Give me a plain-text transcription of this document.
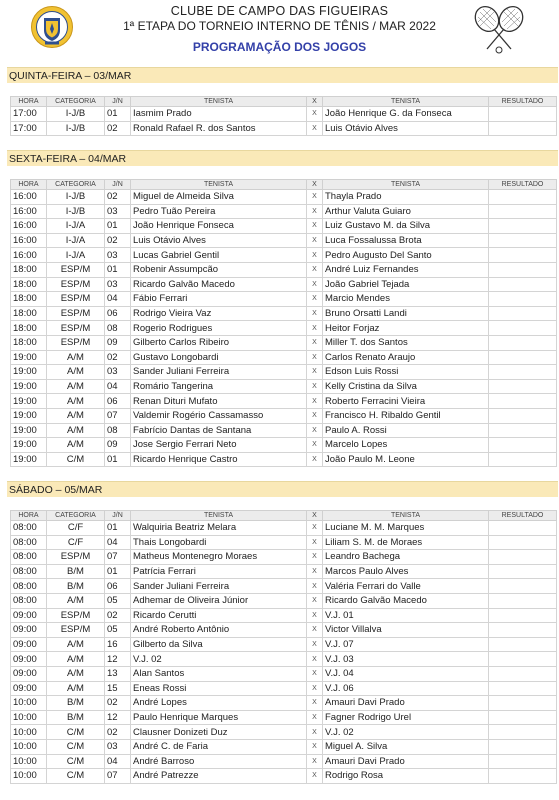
CLUBE DE CAMPO DAS FIGUEIRAS
1ª ETAPA DO TORNEIO INTERNO DE TÊNIS / MAR 2022
PROGRAMAÇÃO DOS JOGOS
QUINTA-FEIRA – 03/MAR
HORA	CATEGORIA	J/N	TENISTA	X	TENISTA	RESULTADO
17:00	I-J/B	01	Iasmim Prado	X	João Henrique G. da Fonseca	
17:00	I-J/B	02	Ronald Rafael R. dos Santos	X	Luis Otávio Alves	
SEXTA-FEIRA – 04/MAR
HORA	CATEGORIA	J/N	TENISTA	X	TENISTA	RESULTADO
16:00	I-J/B	02	Miguel de Almeida Silva	X	Thayla Prado	
16:00	I-J/B	03	Pedro Tuão Pereira	X	Arthur Valuta Guiaro	
16:00	I-J/A	01	João Henrique Fonseca	X	Luiz Gustavo M. da Silva	
16:00	I-J/A	02	Luis Otávio Alves	X	Luca Fossalussa Brota	
16:00	I-J/A	03	Lucas Gabriel Gentil	X	Pedro Augusto Del Santo	
18:00	ESP/M	01	Robenir Assumpcão	X	André Luiz Fernandes	
18:00	ESP/M	03	Ricardo Galvão Macedo	X	João Gabriel Tejada	
18:00	ESP/M	04	Fábio Ferrari	X	Marcio Mendes	
18:00	ESP/M	06	Rodrigo Vieira Vaz	X	Bruno Orsatti Landi	
18:00	ESP/M	08	Rogerio Rodrigues	X	Heitor Forjaz	
18:00	ESP/M	09	Gilberto Carlos Ribeiro	X	Miller T. dos Santos	
19:00	A/M	02	Gustavo Longobardi	X	Carlos Renato Araujo	
19:00	A/M	03	Sander Juliani Ferreira	X	Edson Luis Rossi	
19:00	A/M	04	Romário Tangerina	X	Kelly Cristina da Silva	
19:00	A/M	06	Renan Dituri Mufato	X	Roberto Ferracini Vieira	
19:00	A/M	07	Valdemir Rogério Cassamasso	X	Francisco H. Ribaldo Gentil	
19:00	A/M	08	Fabrício Dantas de Santana	X	Paulo A. Rossi	
19:00	A/M	09	Jose Sergio Ferrari Neto	X	Marcelo Lopes	
19:00	C/M	01	Ricardo Henrique Castro	X	João Paulo M. Leone	
SÁBADO – 05/MAR
HORA	CATEGORIA	J/N	TENISTA	X	TENISTA	RESULTADO
08:00	C/F	01	Walquiria Beatriz Melara	X	Luciane M. M. Marques	
08:00	C/F	04	Thais Longobardi	X	Liliam S. M. de Moraes	
08:00	ESP/M	07	Matheus Montenegro Moraes	X	Leandro Bachega	
08:00	B/M	01	Patrícia Ferrari	X	Marcos Paulo Alves	
08:00	B/M	06	Sander Juliani Ferreira	X	Valéria Ferrari do Valle	
08:00	A/M	05	Adhemar de Oliveira Júnior	X	Ricardo Galvão Macedo	
09:00	ESP/M	02	Ricardo Cerutti	X	V.J. 01	
09:00	ESP/M	05	André Roberto Antônio	X	Victor Villalva	
09:00	A/M	16	Gilberto da Silva	X	V.J. 07	
09:00	A/M	12	V.J. 02	X	V.J. 03	
09:00	A/M	13	Alan Santos	X	V.J. 04	
09:00	A/M	15	Eneas Rossi	X	V.J. 06	
10:00	B/M	02	André Lopes	X	Amauri Davi Prado	
10:00	B/M	12	Paulo Henrique Marques	X	Fagner Rodrigo Urel	
10:00	C/M	02	Clausner Donizeti Duz	X	V.J. 02	
10:00	C/M	03	André C. de Faria	X	Miguel A. Silva	
10:00	C/M	04	André Barroso	X	Amauri Davi Prado	
10:00	C/M	07	André Patrezze	X	Rodrigo Rosa	
